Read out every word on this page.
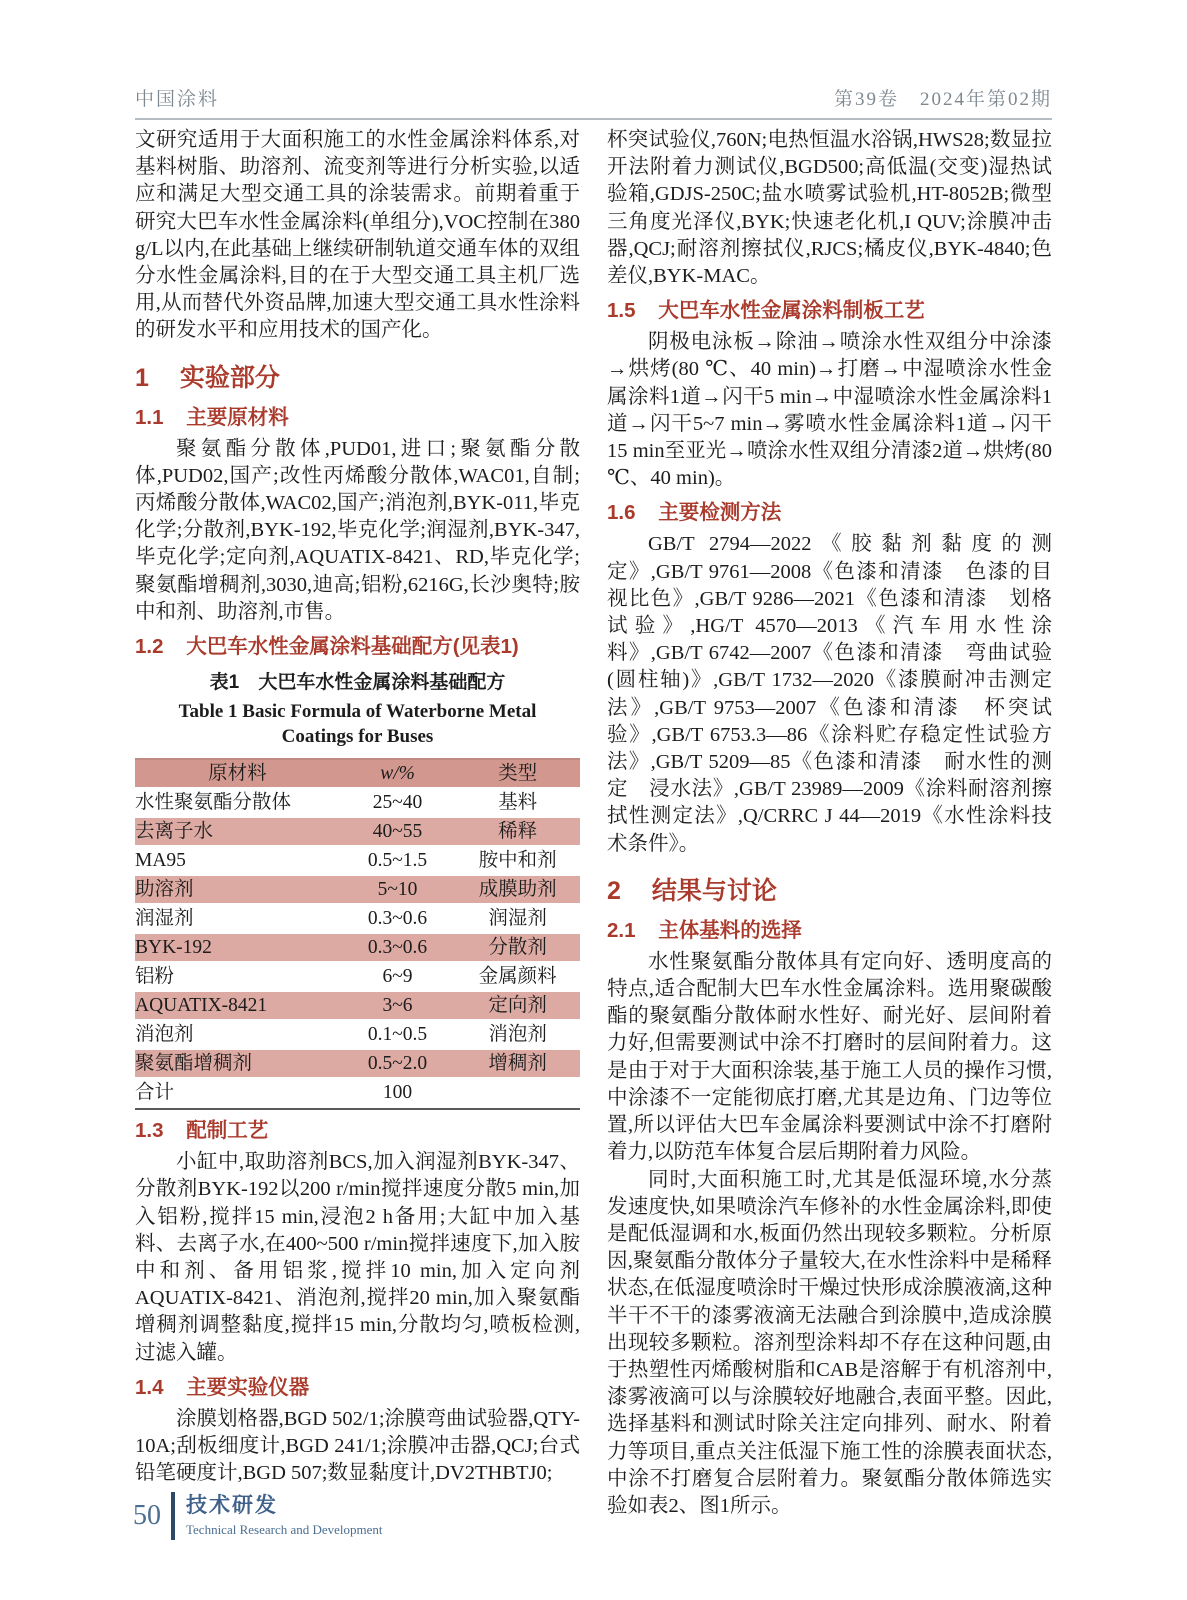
中国涂料	第39卷　2024年第02期

文研究适用于大面积施工的水性金属涂料体系,对基料树脂、助溶剂、流变剂等进行分析实验,以适应和满足大型交通工具的涂装需求。前期着重于研究大巴车水性金属涂料(单组分),VOC控制在380 g/L以内,在此基础上继续研制轨道交通车体的双组分水性金属涂料,目的在于大型交通工具主机厂选用,从而替代外资品牌,加速大型交通工具水性涂料的研发水平和应用技术的国产化。

1 实验部分
1.1 主要原材料

聚氨酯分散体,PUD01,进口;聚氨酯分散体,PUD02,国产;改性丙烯酸分散体,WAC01,自制;丙烯酸分散体,WAC02,国产;消泡剂,BYK-011,毕克化学;分散剂,BYK-192,毕克化学;润湿剂,BYK-347,毕克化学;定向剂,AQUATIX-8421、RD,毕克化学;聚氨酯增稠剂,3030,迪高;铝粉,6216G,长沙奥特;胺中和剂、助溶剂,市售。

1.2 大巴车水性金属涂料基础配方(见表1)
表1 大巴车水性金属涂料基础配方
Table 1 Basic Formula of Waterborne Metal Coatings for Buses
原材料	w/%	类型
水性聚氨酯分散体	25~40	基料
去离子水	40~55	稀释
MA95	0.5~1.5	胺中和剂
助溶剂	5~10	成膜助剂
润湿剂	0.3~0.6	润湿剂
BYK-192	0.3~0.6	分散剂
铝粉	6~9	金属颜料
AQUATIX-8421	3~6	定向剂
消泡剂	0.1~0.5	消泡剂
聚氨酯增稠剂	0.5~2.0	增稠剂
合计	100	
1.3 配制工艺

小缸中,取助溶剂BCS,加入润湿剂BYK-347、分散剂BYK-192以200 r/min搅拌速度分散5 min,加入铝粉,搅拌15 min,浸泡2 h备用;大缸中加入基料、去离子水,在400~500 r/min搅拌速度下,加入胺中和剂、备用铝浆,搅拌10 min,加入定向剂AQUATIX-8421、消泡剂,搅拌20 min,加入聚氨酯增稠剂调整黏度,搅拌15 min,分散均匀,喷板检测,过滤入罐。

1.4 主要实验仪器

涂膜划格器,BGD 502/1;涂膜弯曲试验器,QTY-10A;刮板细度计,BGD 241/1;涂膜冲击器,QCJ;台式铅笔硬度计,BGD 507;数显黏度计,DV2THBTJ0;

杯突试验仪,760N;电热恒温水浴锅,HWS28;数显拉开法附着力测试仪,BGD500;高低温(交变)湿热试验箱,GDJS-250C;盐水喷雾试验机,HT-8052B;微型三角度光泽仪,BYK;快速老化机,I QUV;涂膜冲击器,QCJ;耐溶剂擦拭仪,RJCS;橘皮仪,BYK-4840;色差仪,BYK-MAC。

1.5 大巴车水性金属涂料制板工艺

阴极电泳板→除油→喷涂水性双组分中涂漆→烘烤(80 ℃、40 min)→打磨→中湿喷涂水性金属涂料1道→闪干5 min→中湿喷涂水性金属涂料1道→闪干5~7 min→雾喷水性金属涂料1道→闪干15 min至亚光→喷涂水性双组分清漆2道→烘烤(80 ℃、40 min)。

1.6 主要检测方法

GB/T 2794—2022《胶黏剂黏度的测定》,GB/T 9761—2008《色漆和清漆　色漆的目视比色》,GB/T 9286—2021《色漆和清漆　划格试验》,HG/T 4570—2013《汽车用水性涂料》,GB/T 6742—2007《色漆和清漆　弯曲试验(圆柱轴)》,GB/T 1732—2020《漆膜耐冲击测定法》,GB/T 9753—2007《色漆和清漆　杯突试验》,GB/T 6753.3—86《涂料贮存稳定性试验方法》,GB/T 5209—85《色漆和清漆　耐水性的测定　浸水法》,GB/T 23989—2009《涂料耐溶剂擦拭性测定法》,Q/CRRC J 44—2019《水性涂料技术条件》。

2 结果与讨论
2.1 主体基料的选择

水性聚氨酯分散体具有定向好、透明度高的特点,适合配制大巴车水性金属涂料。选用聚碳酸酯的聚氨酯分散体耐水性好、耐光好、层间附着力好,但需要测试中涂不打磨时的层间附着力。这是由于对于大面积涂装,基于施工人员的操作习惯,中涂漆不一定能彻底打磨,尤其是边角、门边等位置,所以评估大巴车金属涂料要测试中涂不打磨附着力,以防范车体复合层后期附着力风险。

同时,大面积施工时,尤其是低湿环境,水分蒸发速度快,如果喷涂汽车修补的水性金属涂料,即使是配低湿调和水,板面仍然出现较多颗粒。分析原因,聚氨酯分散体分子量较大,在水性涂料中是稀释状态,在低湿度喷涂时干燥过快形成涂膜液滴,这种半干不干的漆雾液滴无法融合到涂膜中,造成涂膜出现较多颗粒。溶剂型涂料却不存在这种问题,由于热塑性丙烯酸树脂和CAB是溶解于有机溶剂中,漆雾液滴可以与涂膜较好地融合,表面平整。因此,选择基料和测试时除关注定向排列、耐水、附着力等项目,重点关注低湿下施工性的涂膜表面状态,中涂不打磨复合层附着力。聚氨酯分散体筛选实验如表2、图1所示。

50 技术研发
Technical Research and Development
